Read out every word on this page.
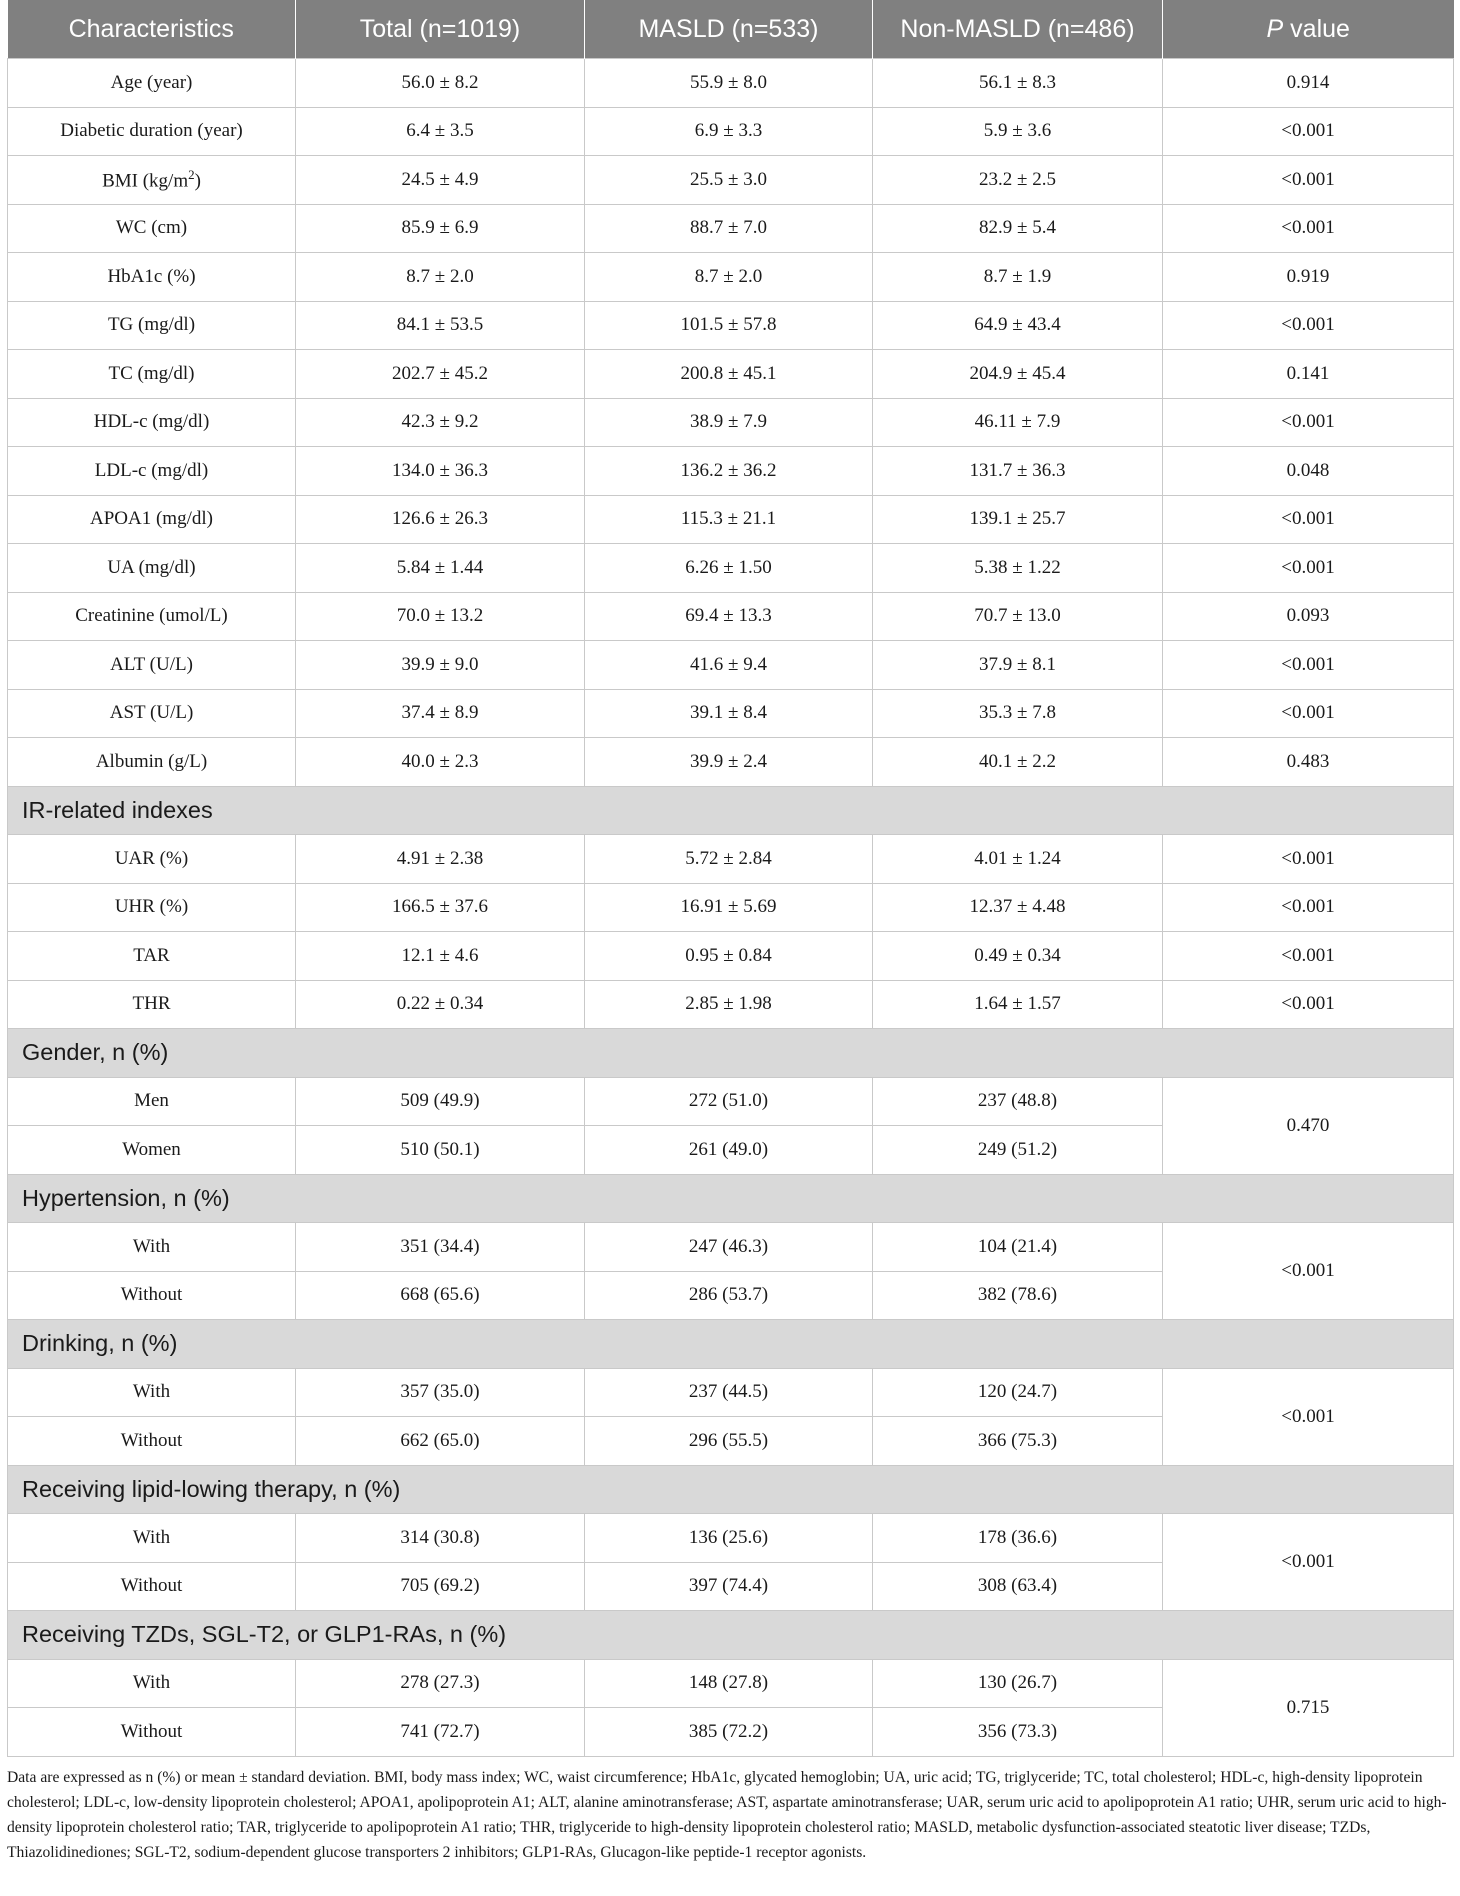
Characteristics	Total (n=1019)	MASLD (n=533)	Non-MASLD (n=486)	P value
Age (year)	56.0 ± 8.2	55.9 ± 8.0	56.1 ± 8.3	0.914
Diabetic duration (year)	6.4 ± 3.5	6.9 ± 3.3	5.9 ± 3.6	<0.001
BMI $(kg/m^2)$	24.5 ± 4.9	25.5 ± 3.0	23.2 ± 2.5	<0.001
WC (cm)	85.9 ± 6.9	88.7 ± 7.0	82.9 ± 5.4	<0.001
HbA1c (%)	8.7 ± 2.0	8.7 ± 2.0	8.7 ± 1.9	0.919
TG (mg/dl)	84.1 ± 53.5	101.5 ± 57.8	64.9 ± 43.4	<0.001
TC (mg/dl)	202.7 ± 45.2	200.8 ± 45.1	204.9 ± 45.4	0.141
HDL-c (mg/dl)	42.3 ± 9.2	38.9 ± 7.9	46.11 ± 7.9	<0.001
LDL-c (mg/dl)	134.0 ± 36.3	136.2 ± 36.2	131.7 ± 36.3	0.048
APOA1 (mg/dl)	126.6 ± 26.3	115.3 ± 21.1	139.1 ± 25.7	<0.001
UA (mg/dl)	5.84 ± 1.44	6.26 ± 1.50	5.38 ± 1.22	<0.001
Creatinine (umol/L)	70.0 ± 13.2	69.4 ± 13.3	70.7 ± 13.0	0.093
ALT (U/L)	39.9 ± 9.0	41.6 ± 9.4	37.9 ± 8.1	<0.001
AST (U/L)	37.4 ± 8.9	39.1 ± 8.4	35.3 ± 7.8	<0.001
Albumin (g/L)	40.0 ± 2.3	39.9 ± 2.4	40.1 ± 2.2	0.483
IR-related indexes				
UAR (%)	4.91 ± 2.38	5.72 ± 2.84	4.01 ± 1.24	<0.001
UHR (%)	166.5 ± 37.6	16.91 ± 5.69	12.37 ± 4.48	<0.001
TAR	12.1 ± 4.6	0.95 ± 0.84	0.49 ± 0.34	<0.001
THR	0.22 ± 0.34	2.85 ± 1.98	1.64 ± 1.57	<0.001
Gender, n (%)				
Men	509 (49.9)	272 (51.0)	237 (48.8)	0.470
Women	510 (50.1)	261 (49.0)	249 (51.2)	
Hypertension, n (%)				
With	351 (34.4)	247 (46.3)	104 (21.4)	<0.001
Without	668 (65.6)	286 (53.7)	382 (78.6)	
Drinking, n (%)				
With	357 (35.0)	237 (44.5)	120 (24.7)	<0.001
Without	662 (65.0)	296 (55.5)	366 (75.3)	
Receiving lipid-lowing therapy, n (%)				
With	314 (30.8)	136 (25.6)	178 (36.6)	<0.001
Without	705 (69.2)	397 (74.4)	308 (63.4)	
Receiving TZDs, SGL-T2, or GLP1-RAs, n (%)				
With	278 (27.3)	148 (27.8)	130 (26.7)	0.715
Without	741 (72.7)	385 (72.2)	356 (73.3)	
Data are expressed as n (%) or mean ± standard deviation. BMI, body mass index; WC, waist circumference; HbA1c, glycated hemoglobin; UA, uric acid; TG, triglyceride; TC, total cholesterol; HDL-c, high-density lipoprotein cholesterol; LDL-c, low-density lipoprotein cholesterol; APOA1, apolipoprotein A1; ALT, alanine aminotransferase; AST, aspartate aminotransferase; UAR, serum uric acid to apolipoprotein A1 ratio; UHR, serum uric acid to high-density lipoprotein cholesterol ratio; TAR, triglyceride to apolipoprotein A1 ratio; THR, triglyceride to high-density lipoprotein cholesterol ratio; MASLD, metabolic dysfunction-associated steatotic liver disease; TZDs, Thiazolidinediones; SGL-T2, sodium-dependent glucose transporters 2 inhibitors; GLP1-RAs, Glucagon-like peptide-1 receptor agonists.
